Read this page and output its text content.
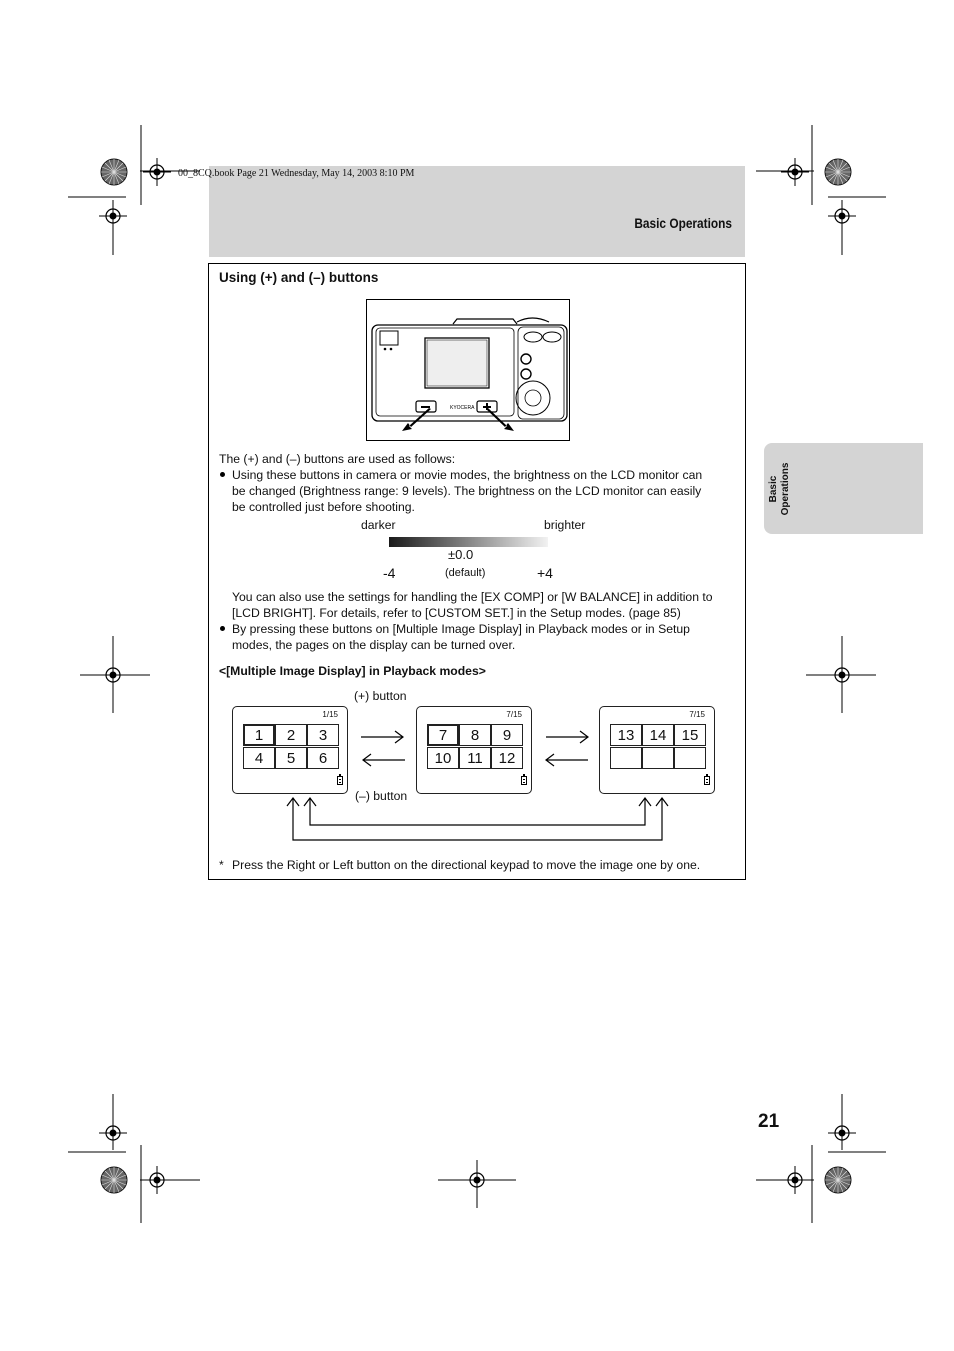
00_8CQ.book Page 21 Wednesday, May 14, 2003 8:10 PM
Basic Operations
Basic Operations
Using (+) and (–) buttons
KYOCERA
The (+) and (–) buttons are used as follows:
Using these buttons in camera or movie modes, the brightness on the LCD monitor can
be changed (Brightness range: 9 levels). The brightness on the LCD monitor can easily
be controlled just before shooting.
darker	brighter
±0.0
-4	(default)	+4
You can also use the settings for handling the [EX COMP] or [W BALANCE] in addition to
[LCD BRIGHT]. For details, refer to [CUSTOM SET.] in the Setup modes. (page 85)
By pressing these buttons on [Multiple Image Display] in Playback modes or in Setup
modes, the pages on the display can be turned over.
<[Multiple Image Display] in Playback modes>
(+) button
(–) button
1/15
1	2	3
4	5	6
7/15
7	8	9
10	11	12
7/15
13	14	15
* Press the Right or Left button on the directional keypad to move the image one by one.
21
